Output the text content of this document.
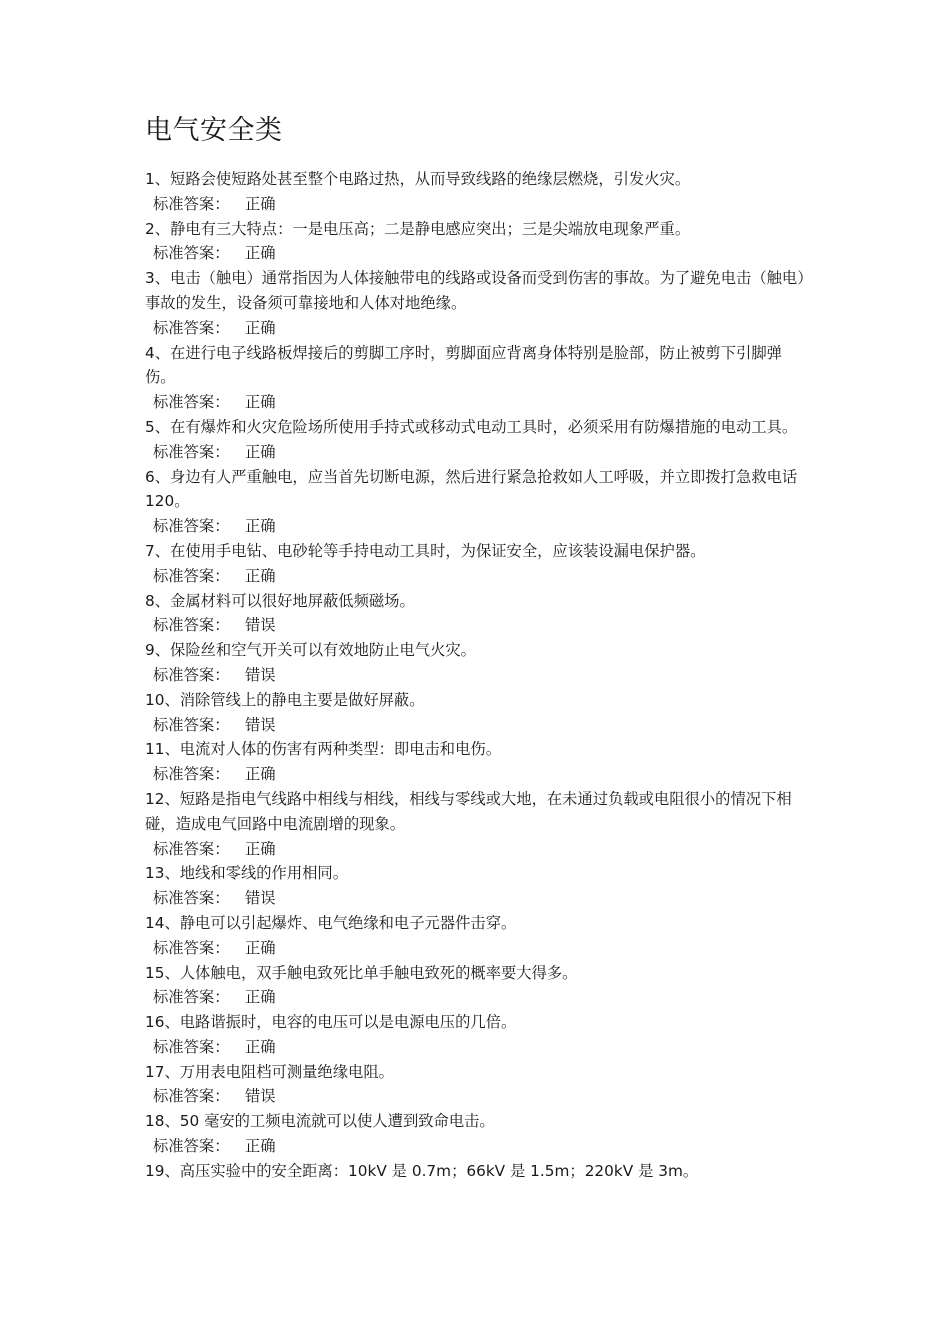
电气安全类

1、短路会使短路处甚至整个电路过热，从而导致线路的绝缘层燃烧，引发火灾。

标准答案： 正确

2、静电有三大特点：一是电压高；二是静电感应突出；三是尖端放电现象严重。

标准答案： 正确

3、电击（触电）通常指因为人体接触带电的线路或设备而受到伤害的事故。为了避免电击（触电）事故的发生，设备须可靠接地和人体对地绝缘。

标准答案： 正确

4、在进行电子线路板焊接后的剪脚工序时，剪脚面应背离身体特别是脸部，防止被剪下引脚弹伤。

标准答案： 正确

5、在有爆炸和火灾危险场所使用手持式或移动式电动工具时，必须采用有防爆措施的电动工具。

标准答案： 正确

6、身边有人严重触电，应当首先切断电源，然后进行紧急抢救如人工呼吸，并立即拨打急救电话 120。

标准答案： 正确

7、在使用手电钻、电砂轮等手持电动工具时，为保证安全，应该装设漏电保护器。

标准答案： 正确

8、金属材料可以很好地屏蔽低频磁场。

标准答案： 错误

9、保险丝和空气开关可以有效地防止电气火灾。

标准答案： 错误

10、消除管线上的静电主要是做好屏蔽。

标准答案： 错误

11、电流对人体的伤害有两种类型：即电击和电伤。

标准答案： 正确

12、短路是指电气线路中相线与相线，相线与零线或大地，在未通过负载或电阻很小的情况下相碰，造成电气回路中电流剧增的现象。

标准答案： 正确

13、地线和零线的作用相同。

标准答案： 错误

14、静电可以引起爆炸、电气绝缘和电子元器件击穿。

标准答案： 正确

15、人体触电，双手触电致死比单手触电致死的概率要大得多。

标准答案： 正确

16、电路谐振时，电容的电压可以是电源电压的几倍。

标准答案： 正确

17、万用表电阻档可测量绝缘电阻。

标准答案： 错误

18、50 毫安的工频电流就可以使人遭到致命电击。

标准答案： 正确

19、高压实验中的安全距离：10kV 是 0.7m；66kV 是 1.5m；220kV 是 3m。
